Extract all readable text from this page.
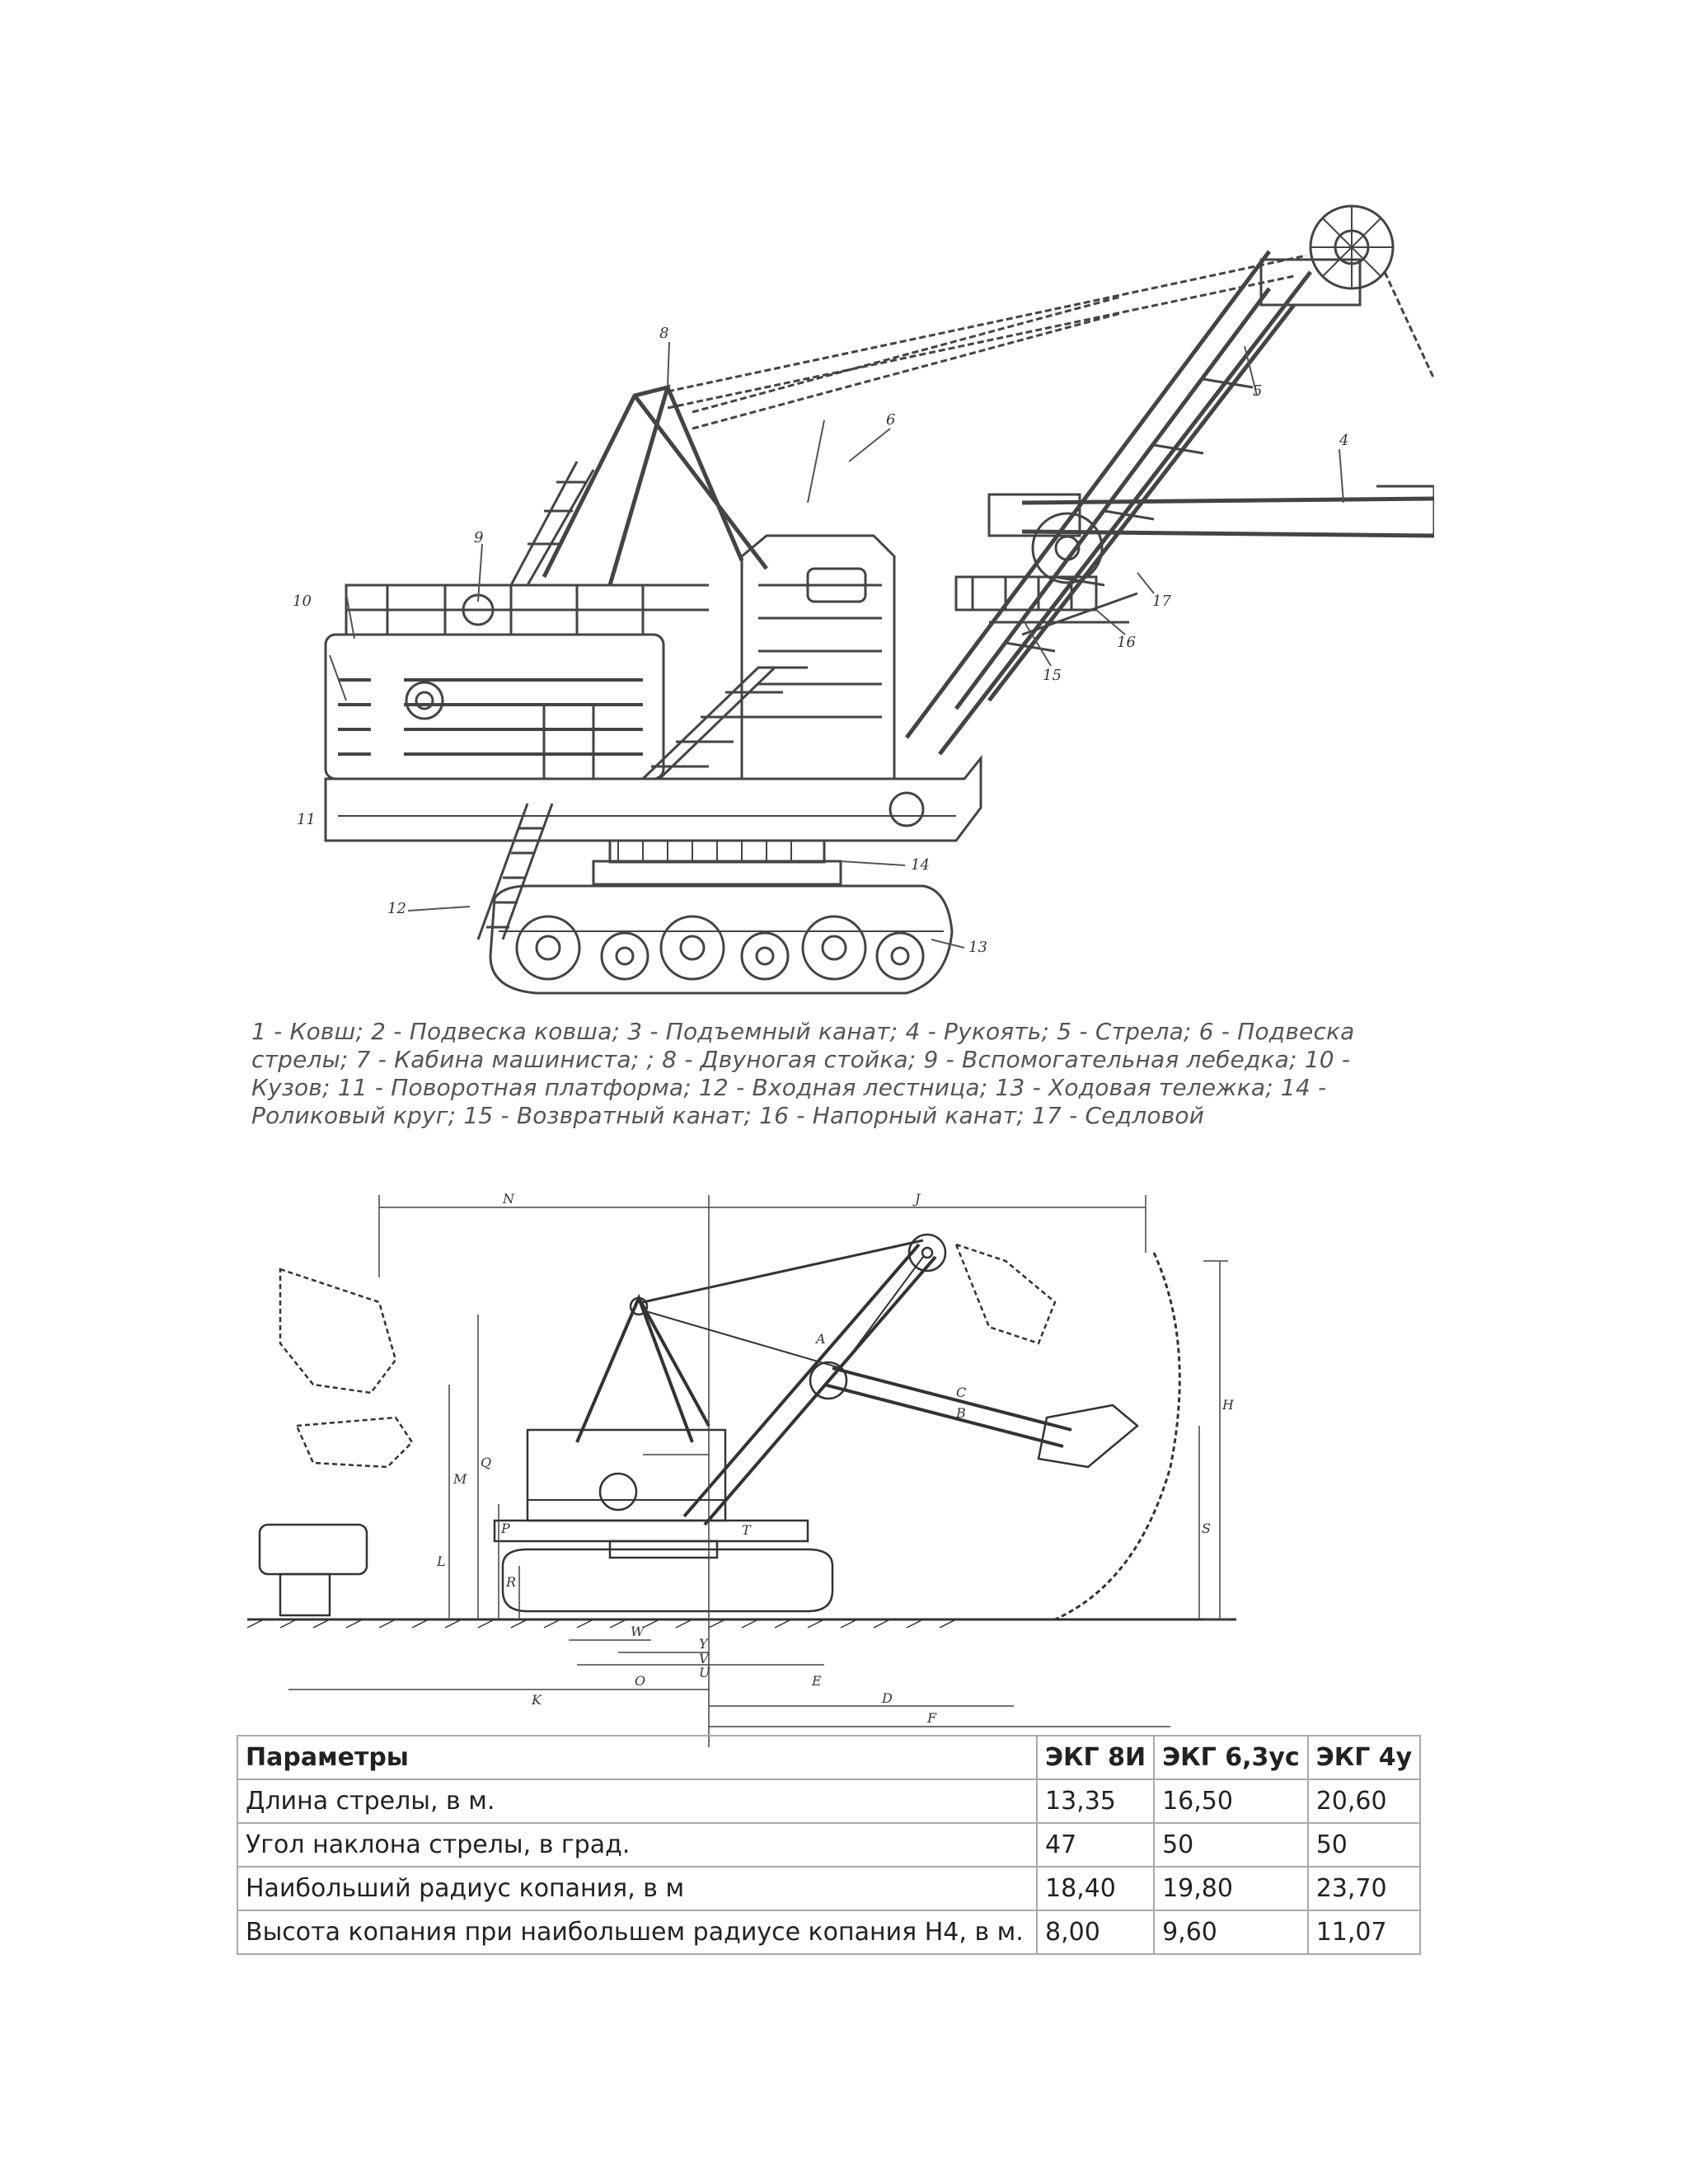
8
6
5
4
9
10
11
12
13
14
15
16
17
1 - Ковш; 2 - Подвеска ковша; 3 - Подъемный канат; 4 - Рукоять; 5 - Стрела; 6 - Подвеска стрелы; 7 - Кабина машиниста; ; 8 - Двуногая стойка; 9 - Вспомогательная лебедка; 10 - Кузов; 11 - Поворотная платформа; 12 - Входная лестница; 13 - Ходовая тележка; 14 - Роликовый круг; 15 - Возвратный канат; 16 - Напорный канат; 17 - Седловой
N	J
H
S
A
C
B
M
Q
L
P
R
T
W
Y
V
U
O	E
D
K
F
Параметры	ЭКГ 8И	ЭКГ 6,3ус	ЭКГ 4у
Длина стрелы, в м.	13,35	16,50	20,60
Угол наклона стрелы, в град.	47	50	50
Наибольший радиус копания, в м	18,40	19,80	23,70
Высота копания при наибольшем радиусе копания H4, в м.	8,00	9,60	11,07
